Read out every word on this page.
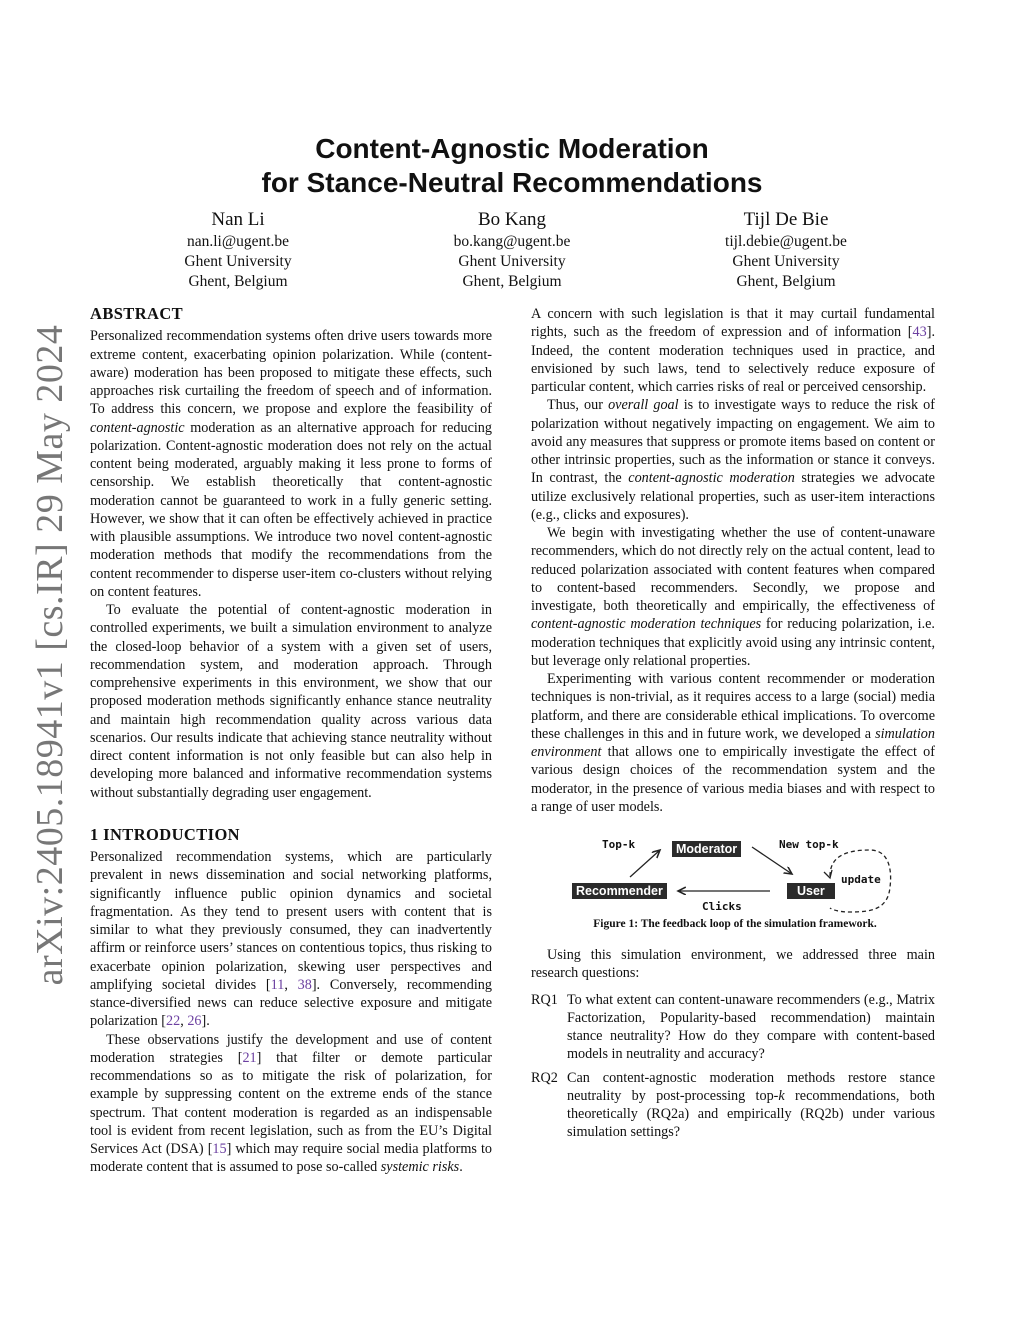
arXiv:2405.18941v1 [cs.IR] 29 May 2024
Content-Agnostic Moderation
for Stance-Neutral Recommendations
Nan Li
nan.li@ugent.be
Ghent University
Ghent, Belgium
Bo Kang
bo.kang@ugent.be
Ghent University
Ghent, Belgium
Tijl De Bie
tijl.debie@ugent.be
Ghent University
Ghent, Belgium
ABSTRACT

Personalized recommendation systems often drive users towards more extreme content, exacerbating opinion polarization. While (content-aware) moderation has been proposed to mitigate these effects, such approaches risk curtailing the freedom of speech and of information. To address this concern, we propose and explore the feasibility of content-agnostic moderation as an alternative approach for reducing polarization. Content-agnostic moderation does not rely on the actual content being moderated, arguably making it less prone to forms of censorship. We establish theoretically that content-agnostic moderation cannot be guaranteed to work in a fully generic setting. However, we show that it can often be effectively achieved in practice with plausible assumptions. We introduce two novel content-agnostic moderation methods that modify the recommendations from the content recommender to disperse user-item co-clusters without relying on content features.

To evaluate the potential of content-agnostic moderation in controlled experiments, we built a simulation environment to analyze the closed-loop behavior of a system with a given set of users, recommendation system, and moderation approach. Through comprehensive experiments in this environment, we show that our proposed moderation methods significantly enhance stance neutrality and maintain high recommendation quality across various data scenarios. Our results indicate that achieving stance neutrality without direct content information is not only feasible but can also help in developing more balanced and informative recommendation systems without substantially degrading user engagement.

1 INTRODUCTION

Personalized recommendation systems, which are particularly prevalent in news dissemination and social networking platforms, significantly influence public opinion dynamics and societal fragmentation. As they tend to present users with content that is similar to what they previously consumed, they can inadvertently affirm or reinforce users’ stances on contentious topics, thus risking to exacerbate opinion polarization, skewing user perspectives and amplifying societal divides [11, 38]. Conversely, recommending stance-diversified news can reduce selective exposure and mitigate polarization [22, 26].

These observations justify the development and use of content moderation strategies [21] that filter or demote particular recommendations so as to mitigate the risk of polarization, for example by suppressing content on the extreme ends of the stance spectrum. That content moderation is regarded as an indispensable tool is evident from recent legislation, such as from the EU’s Digital Services Act (DSA) [15] which may require social media platforms to moderate content that is assumed to pose so-called systemic risks.

A concern with such legislation is that it may curtail fundamental rights, such as the freedom of expression and of information [43]. Indeed, the content moderation techniques used in practice, and envisioned by such laws, tend to selectively reduce exposure of particular content, which carries risks of real or perceived censorship.

Thus, our overall goal is to investigate ways to reduce the risk of polarization without negatively impacting on engagement. We aim to avoid any measures that suppress or promote items based on content or other intrinsic properties, such as the information or stance it conveys. In contrast, the content-agnostic moderation strategies we advocate utilize exclusively relational properties, such as user-item interactions (e.g., clicks and exposures).

We begin with investigating whether the use of content-unaware recommenders, which do not directly rely on the actual content, lead to reduced polarization associated with content features when compared to content-based recommenders. Secondly, we propose and investigate, both theoretically and empirically, the effectiveness of content-agnostic moderation techniques for reducing polarization, i.e. moderation techniques that explicitly avoid using any intrinsic content, but leverage only relational properties.

Experimenting with various content recommender or moderation techniques is non-trivial, as it requires access to a large (social) media platform, and there are considerable ethical implications. To overcome these challenges in this and in future work, we developed a simulation environment that allows one to empirically investigate the effect of various design choices of the recommendation system and the moderator, in the presence of various media biases and with respect to a range of user models.

Moderator
Recommender	User
Top-k	New top-k
Clicks
update
Figure 1: The feedback loop of the simulation framework.

Using this simulation environment, we addressed three main research questions:

RQ1 To what extent can content-unaware recommenders (e.g., Matrix Factorization, Popularity-based recommendation) maintain stance neutrality? How do they compare with content-based models in neutrality and accuracy?
RQ2 Can content-agnostic moderation methods restore stance neutrality by post-processing top-k recommendations, both theoretically (RQ2a) and empirically (RQ2b) under various simulation settings?
